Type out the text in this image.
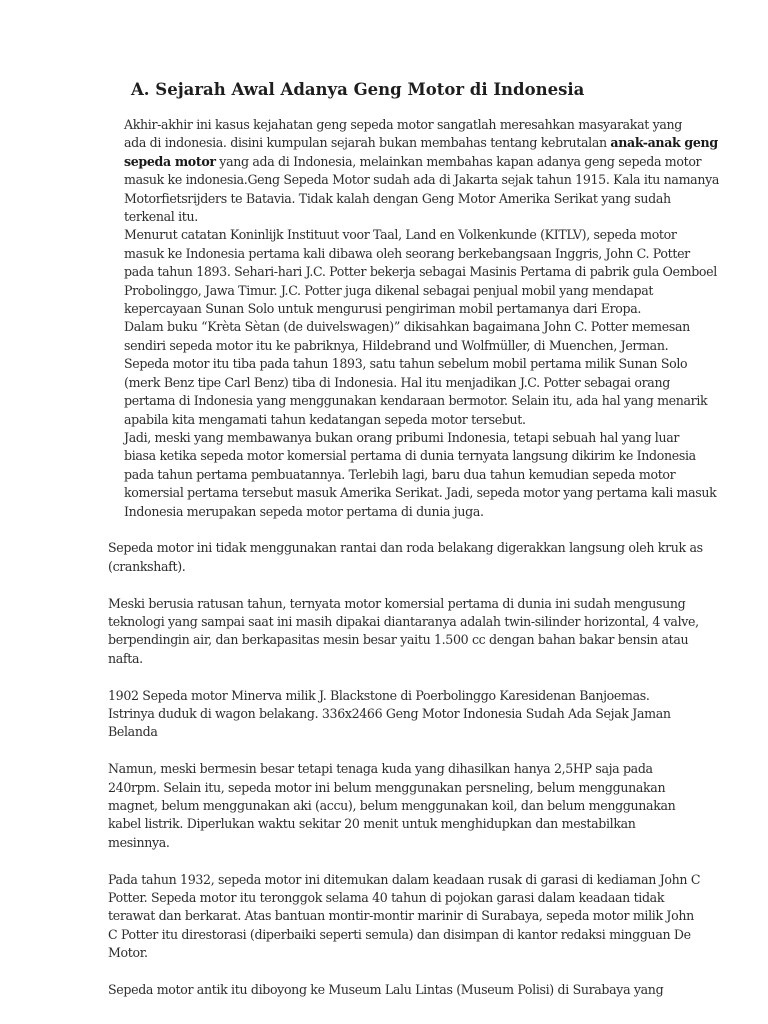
A. Sejarah Awal Adanya Geng Motor di Indonesia

Akhir-akhir ini kasus kejahatan geng sepeda motor sangatlah meresahkan masyarakat yang
ada di indonesia. disini kumpulan sejarah bukan membahas tentang kebrutalan anak-anak geng
sepeda motor yang ada di Indonesia, melainkan membahas kapan adanya geng sepeda motor
masuk ke indonesia.Geng Sepeda Motor sudah ada di Jakarta sejak tahun 1915. Kala itu namanya
Motorfietsrijders te Batavia. Tidak kalah dengan Geng Motor Amerika Serikat yang sudah
terkenal itu.

Menurut catatan Koninlijk Instituut voor Taal, Land en Volkenkunde (KITLV), sepeda motor
masuk ke Indonesia pertama kali dibawa oleh seorang berkebangsaan Inggris, John C. Potter
pada tahun 1893. Sehari-hari J.C. Potter bekerja sebagai Masinis Pertama di pabrik gula Oemboel
Probolinggo, Jawa Timur. J.C. Potter juga dikenal sebagai penjual mobil yang mendapat
kepercayaan Sunan Solo untuk mengurusi pengiriman mobil pertamanya dari Eropa.

Dalam buku “Krèta Sètan (de duivelswagen)” dikisahkan bagaimana John C. Potter memesan
sendiri sepeda motor itu ke pabriknya, Hildebrand und Wolfmüller, di Muenchen, Jerman.
Sepeda motor itu tiba pada tahun 1893, satu tahun sebelum mobil pertama milik Sunan Solo
(merk Benz tipe Carl Benz) tiba di Indonesia. Hal itu menjadikan J.C. Potter sebagai orang
pertama di Indonesia yang menggunakan kendaraan bermotor. Selain itu, ada hal yang menarik
apabila kita mengamati tahun kedatangan sepeda motor tersebut.

Jadi, meski yang membawanya bukan orang pribumi Indonesia, tetapi sebuah hal yang luar
biasa ketika sepeda motor komersial pertama di dunia ternyata langsung dikirim ke Indonesia
pada tahun pertama pembuatannya. Terlebih lagi, baru dua tahun kemudian sepeda motor
komersial pertama tersebut masuk Amerika Serikat. Jadi, sepeda motor yang pertama kali masuk
Indonesia merupakan sepeda motor pertama di dunia juga.

Sepeda motor ini tidak menggunakan rantai dan roda belakang digerakkan langsung oleh kruk as
(crankshaft).

Meski berusia ratusan tahun, ternyata motor komersial pertama di dunia ini sudah mengusung
teknologi yang sampai saat ini masih dipakai diantaranya adalah twin-silinder horizontal, 4 valve,
berpendingin air, dan berkapasitas mesin besar yaitu 1.500 cc dengan bahan bakar bensin atau
nafta.

1902 Sepeda motor Minerva milik J. Blackstone di Poerbolinggo Karesidenan Banjoemas.
Istrinya duduk di wagon belakang. 336x2466 Geng Motor Indonesia Sudah Ada Sejak Jaman
Belanda

Namun, meski bermesin besar tetapi tenaga kuda yang dihasilkan hanya 2,5HP saja pada
240rpm. Selain itu, sepeda motor ini belum menggunakan persneling, belum menggunakan
magnet, belum menggunakan aki (accu), belum menggunakan koil, dan belum menggunakan
kabel listrik. Diperlukan waktu sekitar 20 menit untuk menghidupkan dan mestabilkan
mesinnya.

Pada tahun 1932, sepeda motor ini ditemukan dalam keadaan rusak di garasi di kediaman John C
Potter. Sepeda motor itu teronggok selama 40 tahun di pojokan garasi dalam keadaan tidak
terawat dan berkarat. Atas bantuan montir-montir marinir di Surabaya, sepeda motor milik John
C Potter itu direstorasi (diperbaiki seperti semula) dan disimpan di kantor redaksi mingguan De
Motor.

Sepeda motor antik itu diboyong ke Museum Lalu Lintas (Museum Polisi) di Surabaya yang
